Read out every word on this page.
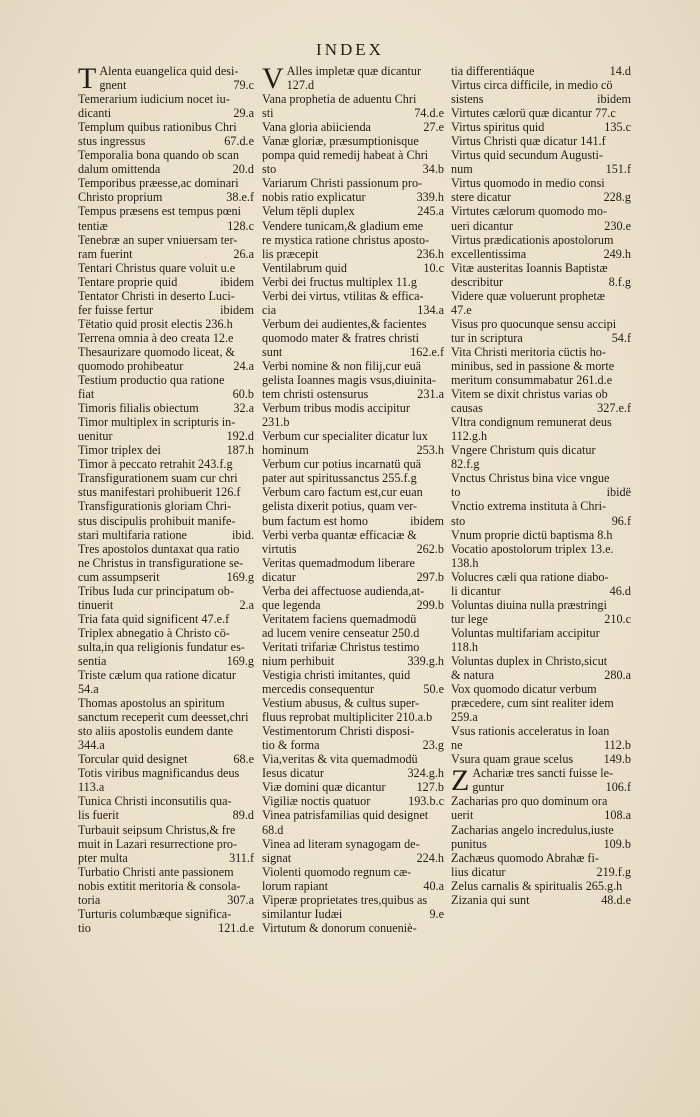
INDEX
T Alenta euangelica quid desi-
gnent	79.c
Temerarium iudicium nocet iu-
dicanti	29.a
Templum quibus rationibus Chri
stus ingressus	67.d.e
Temporalia bona quando ob scan
dalum omittenda	20.d
Temporibus præesse,ac dominari
Christo proprium	38.e.f
Tempus præsens est tempus pœni
tentiæ	128.c
Tenebræ an super vniuersam ter-
ram fuerint	26.a
Tentari Christus quare voluit u.e
Tentare proprie quid	ibidem
Tentator Christi in deserto Luci-
fer fuisse fertur	ibidem
Tëtatio quid prosit electis 236.h
Terrena omnia à deo creata 12.e
Thesaurizare quomodo liceat, &
quomodo prohibeatur	24.a
Testium productio qua ratione
fiat	60.b
Timoris filialis obiectum	32.a
Timor multiplex in scripturis in-
uenitur	192.d
Timor triplex dei	187.h
Timor à peccato retrahit 243.f.g
Transfigurationem suam cur chri
stus manifestari prohibuerit 126.f
Transfigurationis gloriam Chri-
stus discipulis prohibuit manife-
stari multifaria ratione	ibid.
Tres apostolos duntaxat qua ratio
ne Christus in transfiguratione se-
cum assumpserit	169.g
Tribus Iuda cur principatum ob-
tinuerit	2.a
Tria fata quid significent 47.e.f
Triplex abnegatio à Christo cö-
sulta,in qua religionis fundatur es-
sentia	169.g
Triste cælum qua ratione dicatur
54.a
Thomas apostolus an spiritum
sanctum receperit cum deesset,chri
sto aliis apostolis eundem dante
344.a
Torcular quid designet	68.e
Totis viribus magnificandus deus
113.a
Tunica Christi inconsutilis qua-
lis fuerit	89.d
Turbauit seipsum Christus,& fre
muit in Lazari resurrectione pro-
pter multa	311.f
Turbatio Christi ante passionem
nobis extitit meritoria & consola-
toria	307.a
Turturis columbæque significa-
tio	121.d.e
V Alles impletæ quæ dicantur
127.d
Vana prophetia de aduentu Chri
sti	74.d.e
Vana gloria abiicienda	27.e
Vanæ gloriæ, præsumptionisque
pompa quid remedij habeat à Chri
sto	34.b
Variarum Christi passionum pro-
nobis ratio explicatur	339.h
Velum tëpli duplex	245.a
Vendere tunicam,& gladium eme
re mystica ratione christus aposto-
lis præcepit	236.h
Ventilabrum quid	10.c
Verbi dei fructus multiplex 11.g
Verbi dei virtus, vtilitas & effica-
cia	134.a
Verbum dei audientes,& facientes
quomodo mater & fratres christi
sunt	162.e.f
Verbi nomine & non filij,cur euä
gelista Ioannes magis vsus,diuinita-
tem christi ostensurus	231.a
Verbum tribus modis accipitur
231.b
Verbum cur specialiter dicatur lux
hominum	253.h
Verbum cur potius incarnatü quä
pater aut spiritussanctus 255.f.g
Verbum caro factum est,cur euan
gelista dixerit potius, quam ver-
bum factum est homo	ibidem
Verbi verba quantæ efficaciæ &
virtutis	262.b
Veritas quemadmodum liberare
dicatur	297.b
Verba dei affectuose audienda,at-
que legenda	299.b
Veritatem faciens quemadmodü
ad lucem venire censeatur 250.d
Veritati trifariæ Christus testimo
nium perhibuit	339.g.h
Vestigia christi imitantes, quid
mercedis consequentur	50.e
Vestium abusus, & cultus super-
fluus reprobat multipliciter 210.a.b
Vestimentorum Christi disposi-
tio & forma	23.g
Via,veritas & vita quemadmodü
Iesus dicatur	324.g.h
Viæ domini quæ dicantur	127.b
Vigiliæ noctis quatuor	193.b.c
Vinea patrisfamilias quid designet
68.d
Vinea ad literam synagogam de-
signat	224.h
Violenti quomodo regnum cæ-
lorum rapiant	40.a
Viperæ proprietates tres,quibus as
similantur Iudæi	9.e
Virtutum & donorum conueniè-
tia differentiáque	14.d
Virtus circa difficile, in medio cö
sistens	ibidem
Virtutes cælorü quæ dicantur 77.c
Virtus spiritus quid	135.c
Virtus Christi quæ dicatur 141.f
Virtus quid secundum Augusti-
num	151.f
Virtus quomodo in medio consi
stere dicatur	228.g
Virtutes cælorum quomodo mo-
ueri dicantur	230.e
Virtus prædicationis apostolorum
excellentissima	249.h
Vitæ austeritas Ioannis Baptistæ
describitur	8.f.g
Videre quæ voluerunt prophetæ
47.e
Visus pro quocunque sensu accipi
tur in scriptura	54.f
Vita Christi meritoria cüctis ho-
minibus, sed in passione & morte
meritum consummabatur 261.d.e
Vitem se dixit christus varias ob
causas	327.e.f
Vltra condignum remunerat deus
112.g.h
Vngere Christum quis dicatur
82.f.g
Vnctus Christus bina vice vngue
to	ibidë
Vnctio extrema instituta à Chri-
sto	96.f
Vnum proprie dictü baptisma 8.h
Vocatio apostolorum triplex 13.e.
138.h
Volucres cæli qua ratione diabo-
li dicantur	46.d
Voluntas diuina nulla præstringi
tur lege	210.c
Voluntas multifariam accipitur
118.h
Voluntas duplex in Christo,sicut
& natura	280.a
Vox quomodo dicatur verbum
præcedere, cum sint realiter idem
259.a
Vsus rationis acceleratus in Ioan
ne	112.b
Vsura quam graue scelus 149.b
Z Achariæ tres sancti fuisse le-
guntur	106.f
Zacharias pro quo dominum ora
uerit	108.a
Zacharias angelo incredulus,iuste
punitus	109.b
Zachæus quomodo Abrahæ fi-
lius dicatur	219.f.g
Zelus carnalis & spiritualis 265.g.h
Zizania qui sunt	48.d.e
